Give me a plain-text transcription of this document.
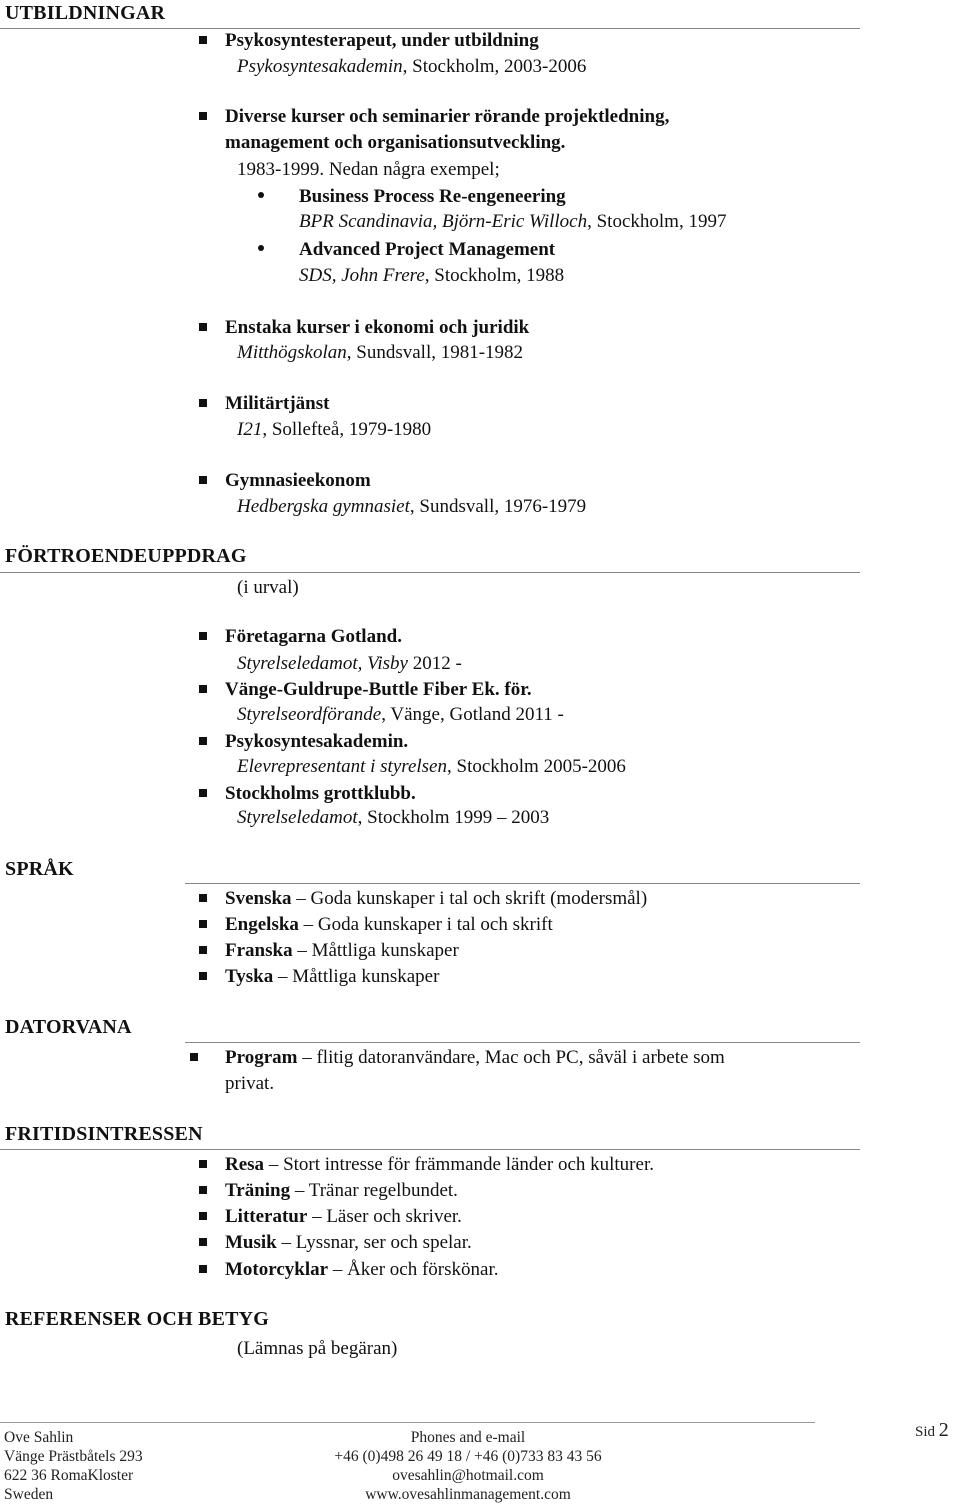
UTBILDNINGAR
Psykosyntesterapeut, under utbildning
Psykosyntesakademin, Stockholm, 2003-2006
Diverse kurser och seminarier rörande projektledning,
management och organisationsutveckling.
1983-1999. Nedan några exempel;
Business Process Re-engeneering
BPR Scandinavia, Björn-Eric Willoch, Stockholm, 1997
Advanced Project Management
SDS, John Frere, Stockholm, 1988
Enstaka kurser i ekonomi och juridik
Mitthögskolan, Sundsvall, 1981-1982
Militärtjänst
I21, Sollefteå, 1979-1980
Gymnasieekonom
Hedbergska gymnasiet, Sundsvall, 1976-1979
FÖRTROENDEUPPDRAG
(i urval)
Företagarna Gotland.
Styrelseledamot, Visby 2012 -
Vänge-Guldrupe-Buttle Fiber Ek. för.
Styrelseordförande, Vänge, Gotland 2011 -
Psykosyntesakademin.
Elevrepresentant i styrelsen, Stockholm 2005-2006
Stockholms grottklubb.
Styrelseledamot, Stockholm 1999 – 2003
SPRÅK
Svenska – Goda kunskaper i tal och skrift (modersmål)
Engelska – Goda kunskaper i tal och skrift
Franska – Måttliga kunskaper
Tyska – Måttliga kunskaper
DATORVANA
Program – flitig datoranvändare, Mac och PC, såväl i arbete som
privat.
FRITIDSINTRESSEN
Resa – Stort intresse för främmande länder och kulturer.
Träning – Tränar regelbundet.
Litteratur – Läser och skriver.
Musik – Lyssnar, ser och spelar.
Motorcyklar – Åker och förskönar.
REFERENSER OCH BETYG
(Lämnas på begäran)
Ove Sahlin
Vänge Prästbåtels 293
622 36 RomaKloster
Sweden
Phones and e-mail
+46 (0)498 26 49 18 / +46 (0)733 83 43 56
ovesahlin@hotmail.com
www.ovesahlinmanagement.com
Sid 2
